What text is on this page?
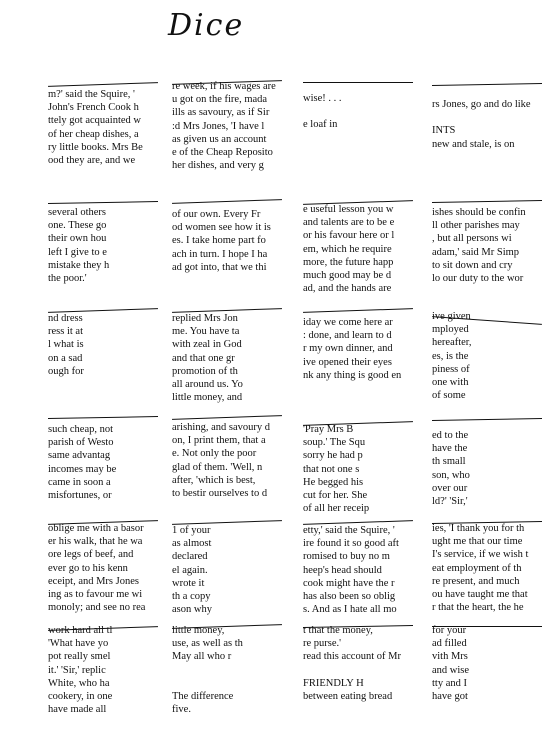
Dice
m?' said the Squire, '
John's French Cook h
ttely got acquainted w
of her cheap dishes, a
ry little books. Mrs Be
ood they are, and we
re week, if his wages are
u got on the fire, mada
ills as savoury, as if Sir
:d Mrs Jones, 'I have l
as given us an account
e of the Cheap Reposito
her dishes, and very g
wise! . . .
e loaf in
rs Jones, go and do like
INTS
new and stale, is on
several others
one. These go
their own hou
left I give to e
mistake they h
the poor.'
of our own. Every Fr
od women see how it is
es. I take home part fo
ach in turn. I hope I ha
ad got into, that we thi
e useful lesson you w
and talents are to be e
or his favour here or l
em, which he require
more, the future happ
much good may be d
ad, and the hands are
ishes should be confin
ll other parishes may
, but all persons wi
adam,' said Mr Simp
to sit down and cry
lo our duty to the wor
nd dress
ress it at
l what is
on a sad
ough for
replied Mrs Jon
me. You have ta
with zeal in God
and that one gr
promotion of th
all around us. Yo
little money, and
iday we come here ar
: done, and learn to d
r my own dinner, and
ive opened their eyes
nk any thing is good en
ive given
mployed
hereafter,
es, is the
piness of
one with
of some
such cheap, not
parish of Westo
same advantag
incomes may be
came in soon a
misfortunes, or
arishing, and savoury d
on, I print them, that a
e. Not only the poor
glad of them. 'Well, n
after, 'which is best,
to bestir ourselves to d
'Pray Mrs B
soup.' The Squ
sorry he had p
that not one s
He begged his
cut for her. She
of all her receip
ed to the
have the
th small
son, who
over our
ld?' 'Sir,'
oblige me with a basor
er his walk, that he wa
ore legs of beef, and
ever go to his kenn
eceipt, and Mrs Jones
ing as to favour me wi
monoly; and see no rea
1 of your
as almost
declared
el again.
wrote it
th a copy
ason why
etty,' said the Squire, '
ire found it so good aft
romised to buy no m
heep's head should
cook might have the r
has also been so oblig
s. And as I hate all mo
ies, 'I thank you for th
ught me that our time
I's service, if we wish t
eat employment of th
re present, and much
ou have taught me that
r that the heart, the he
work hard all tl
'What have yo
pot really smel
it.' 'Sir,' replic
White, who ha
cookery, in one
have made all
little money,
use, as well as th
May all who r
The difference
five.
t that the money,
re purse.'
read this account of Mr
FRIENDLY H
between eating bread
for your
ad filled
vith Mrs
and wise
tty and I
have got
